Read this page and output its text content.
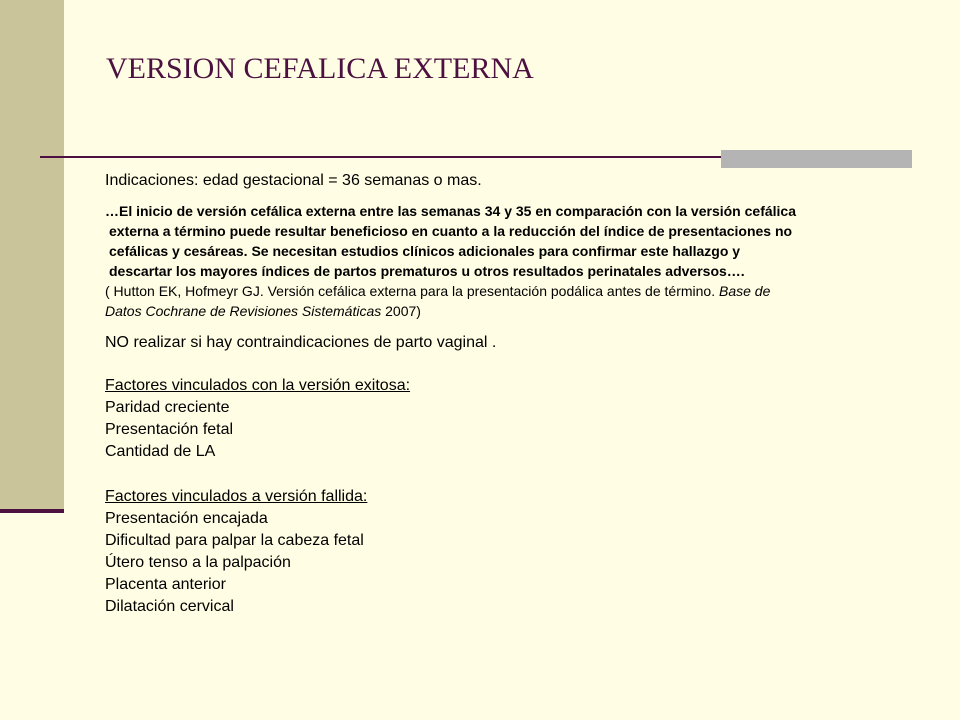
VERSION CEFALICA EXTERNA

Indicaciones: edad gestacional = 36 semanas o mas.

…El inicio de versión cefálica externa entre las semanas 34 y 35 en comparación con la versión cefálica
externa a término puede resultar beneficioso en cuanto a la reducción del índice de presentaciones no
cefálicas y cesáreas. Se necesitan estudios clínicos adicionales para confirmar este hallazgo y
descartar los mayores índices de partos prematuros u otros resultados perinatales adversos….

( Hutton EK, Hofmeyr GJ. Versión cefálica externa para la presentación podálica antes de término. Base de
Datos Cochrane de Revisiones Sistemáticas 2007)

NO realizar si hay contraindicaciones de parto vaginal .

Factores vinculados con la versión exitosa:
Paridad creciente
Presentación fetal
Cantidad de LA
Factores vinculados a versión fallida:
Presentación encajada
Dificultad para palpar la cabeza fetal
Útero tenso a la palpación
Placenta anterior
Dilatación cervical
